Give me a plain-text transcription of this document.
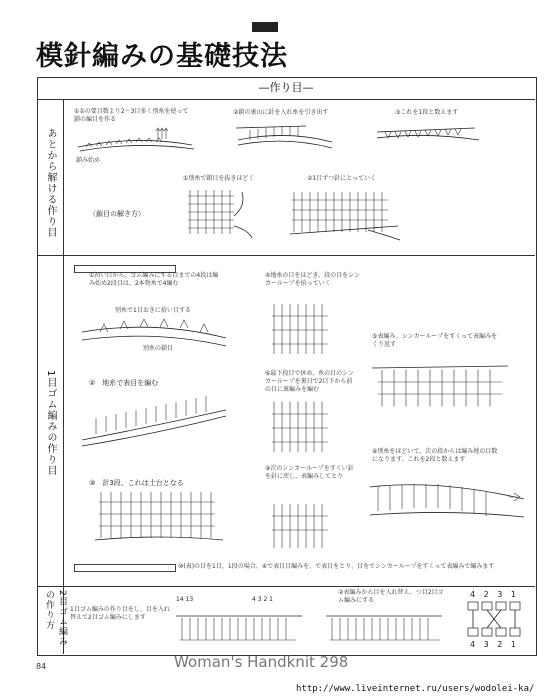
模針編みの基礎技法
—作り目—
あとから解ける作り目
1目ゴム編みの作り目
2目ゴム編みの作り方
①①の要目数より2〜3目多く別糸を使って鎖の編目を作る
鎖み始め
②鎖の裏山に針を入れ糸を引き出す	③これを1段と数えます
①別糸で鎖目を抜きほどく
（鎖目の解き方）
②1目ずつ針にとっていく
①初い目から、ゴム編みにする目までの4段は編み始め2段目は、2本物糸で4編む
別糸で1目おきに拾い目する
別糸の鎖目
②　地糸で表目を編む
③　計3段、これは土台となる
④地糸の目をほどき、段の目をシンカーループを拾っていく
⑤表編み、シンカーループをすくって表編みをくり返す
⑥最下段目で休め、糸の目のシンカーループを裏目で2目下から前の目に裏編みを編む
⑧別糸をほどいて、次の段からは編み地の目数になります。これを2段と数えます
⑨次のシンカーループをすくい針を針に戻し、表編みしてとり
⑩(表)の目を1目、1段の場合、④で表目目編みを、で表目をとり、目をでシンカーループをすくって表編みで編みます
1目ゴム編みの作り目をし、目を入れ替えて2目ゴム編みにします
②表編みから目を入れ替え、つ目2目ゴム編みにする
14 13	4 3 2 1
4 2 3 1
4 3 2 1
84	Woman's Handknit 298
http://www.liveinternet.ru/users/wodolei-ka/
